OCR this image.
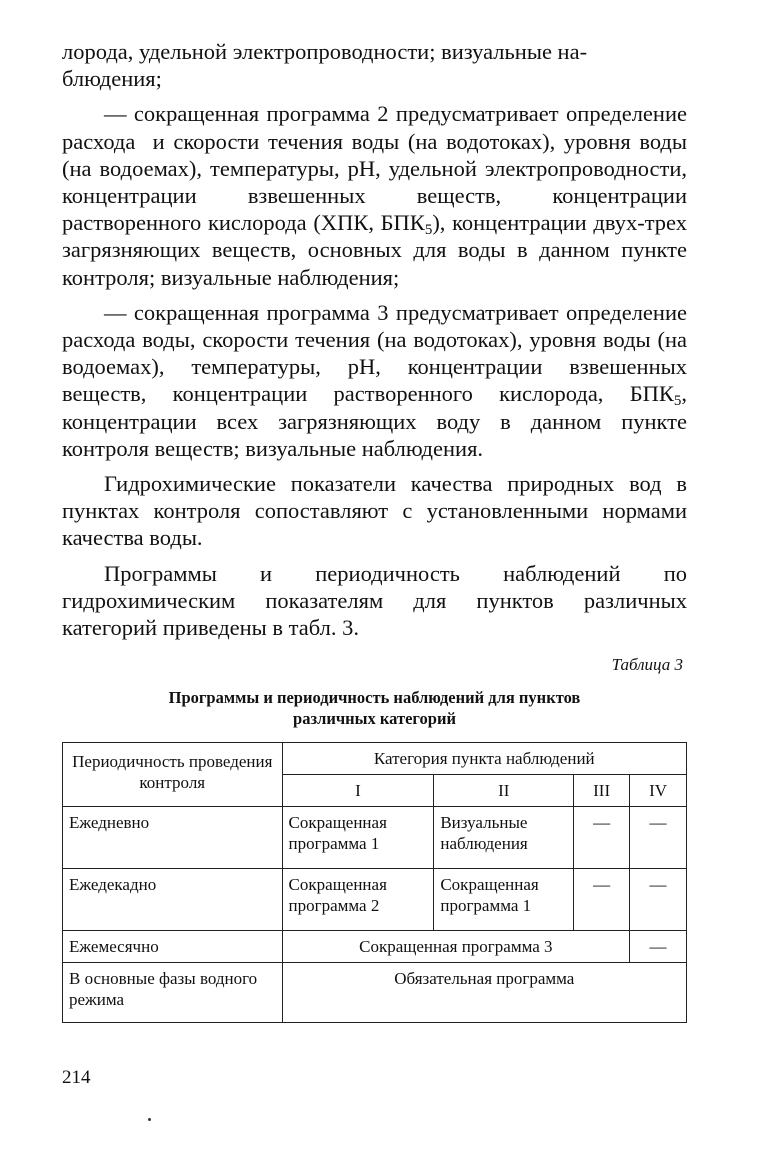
лорода, удельной электропроводности; визуальные на-
блюдения;

— сокращенная программа 2 предусматривает определение расхода  и скорости течения воды (на водотоках), уровня воды (на водоемах), температуры, pH, удельной электропроводности, концентрации взвешенных веществ, концентрации растворенного кислорода (ХПК, $БПК_5$), концентрации двух-трех загрязняющих веществ, основных для воды в данном пункте контроля; визуальные наблюдения;

— сокращенная программа 3 предусматривает определение расхода воды, скорости течения (на водотоках), уровня воды (на водоемах), температуры, pH, концентрации взвешенных веществ, концентрации растворенного кислорода, $БПК_5$, концентрации всех загрязняющих воду в данном пункте контроля веществ; визуальные наблюдения.

Гидрохимические показатели качества природных вод в пунктах контроля сопоставляют с установленными нормами качества воды.

Программы и периодичность наблюдений по гидрохимическим показателям для пунктов различных категорий приведены в табл. 3.

Таблица 3
Программы и периодичность наблюдений для пунктов
различных категорий
Периодичность проведения контроля	Категория пункта наблюдений			
	I	II	III	IV
Ежедневно	Сокращенная программа 1	Визуальные наблюдения	—	—
Ежедекадно	Сокращенная программа 2	Сокращенная программа 1	—	—
Ежемесячно	Сокращенная программа 3			—
В основные фазы водного режима	Обязательная программа			
214
